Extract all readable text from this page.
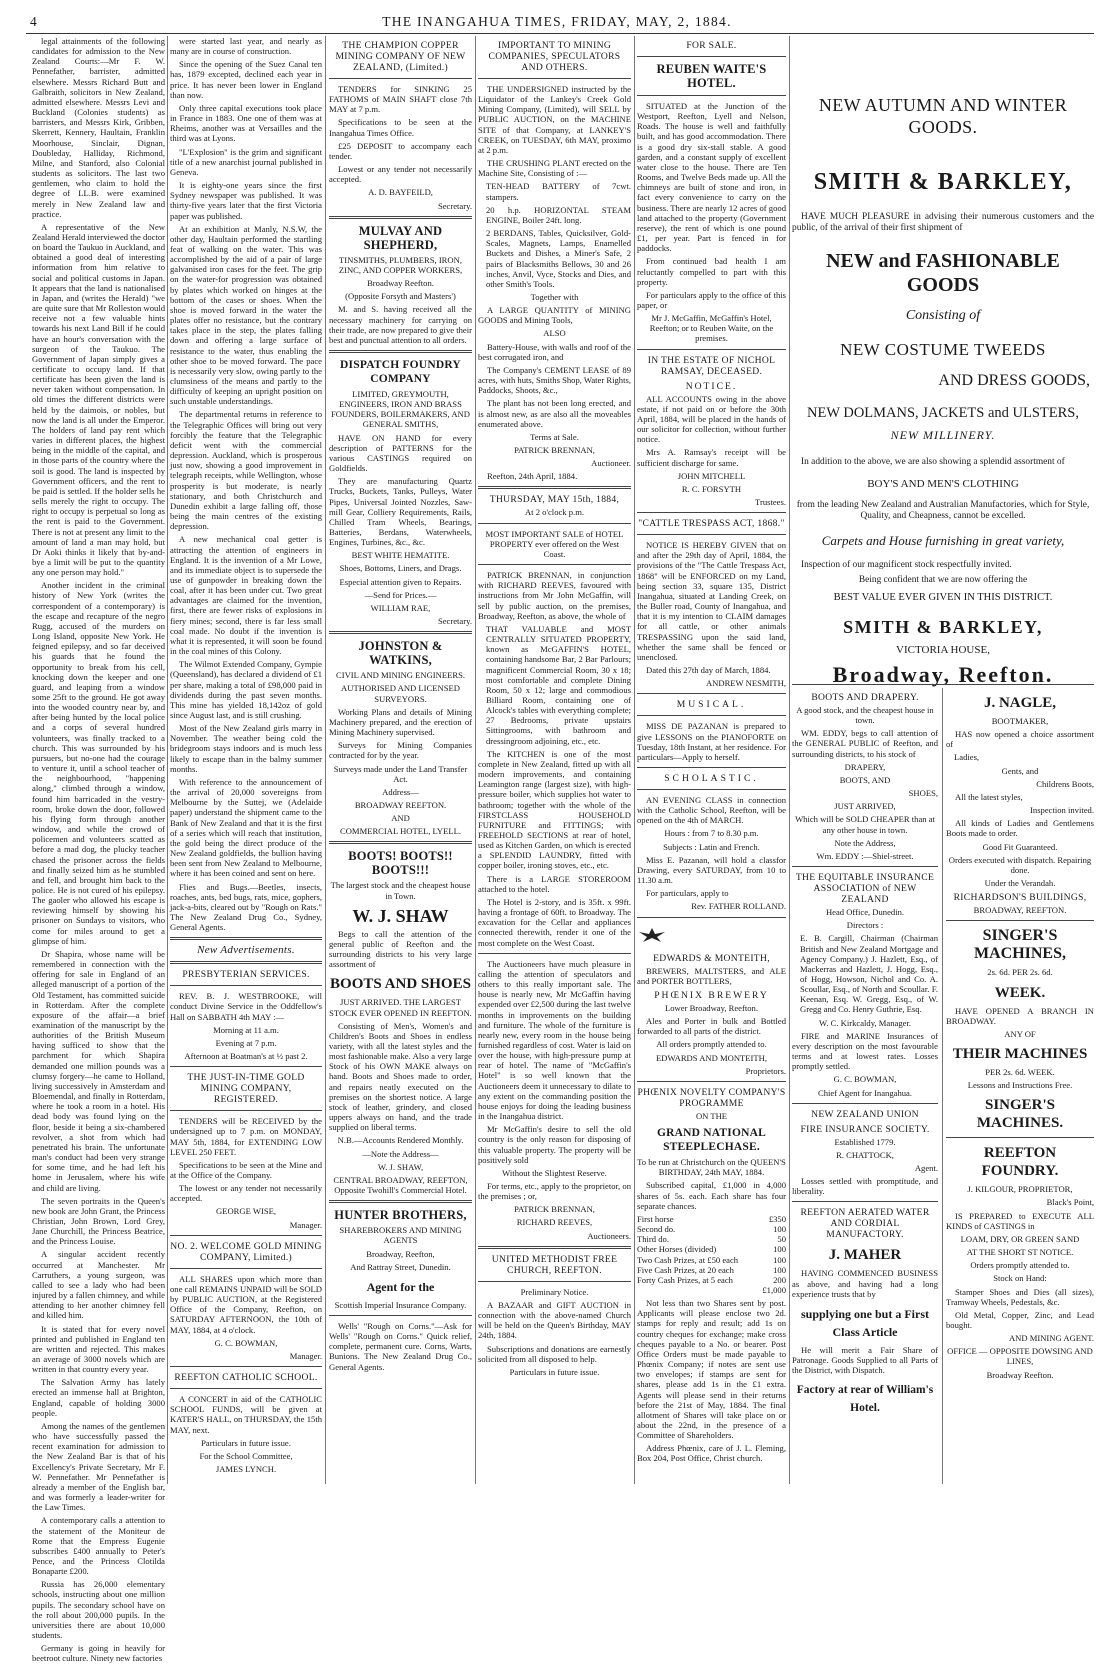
4	THE INANGAHUA TIMES, FRIDAY, MAY, 2, 1884.

legal attainments of the following candidates for admission to the New Zealand Courts:—Mr F. W. Pennefather, barrister, admitted elsewhere. Messrs Richard Butt and Galbraith, solicitors in New Zealand, admitted elsewhere. Messrs Levi and Buckland (Colonies students) as barristers, and Messrs Kirk, Gribben, Skerrett, Kennery, Haultain, Franklin Moorhouse, Sinclair, Dignan, Doubleday, Halliday, Richmond, Milne, and Stanford, also Colonial students as solicitors. The last two gentlemen, who claim to hold the degree of LL.B. were examined merely in New Zealand law and practice.

A representative of the New Zealand Herald interviewed the doctor on board the Taukuo in Auckland, and obtained a good deal of interesting information from him relative to social and political customs in Japan. It appears that the land is nationalised in Japan, and (writes the Herald) "we are quite sure that Mr Rolleston would receive not a few valuable hints towards his next Land Bill if he could have an hour's conversation with the surgeon of the Taukuo. The Government of Japan simply gives a certificate to occupy land. If that certificate has been given the land is never taken without compensation. In old times the different districts were held by the daimois, or nobles, but now the land is all under the Emperor. The holders of land pay rent which varies in different places, the highest being in the middle of the capital, and in those parts of the country where the soil is good. The land is inspected by Government officers, and the rent to be paid is settled. If the holder sells he sells merely the right to occupy. The right to occupy is perpetual so long as the rent is paid to the Government. There is not at present any limit to the amount of land a man may hold, but Dr Aoki thinks it likely that by-and-bye a limit will be put to the quantity any one person may hold."

Another incident in the criminal history of New York (writes the correspondent of a contemporary) is the escape and recapture of the negro Rugg, accused of the murders on Long Island, opposite New York. He feigned epilepsy, and so far deceived his guards that he found the opportunity to break from his cell, knocking down the keeper and one guard, and leaping from a window some 25ft to the ground. He got away into the wooded country near by, and after being hunted by the local police and a corps of several hundred volunteers, was finally tracked to a church. This was surrounded by his pursuers, but no-one had the courage to venture it, until a school teacher of the neighbourhood, "happening along," climbed through a window, found him barricaded in the vestry-room, broke down the door, followed his flying form through another window, and while the crowd of policemen and volunteers scatted as before a mad dog, the plucky teacher chased the prisoner across the fields and finally seized him as he stumbled and fell, and brought him back to the police. He is not cured of his epilepsy. The gaoler who allowed his escape is reviewing himself by showing his prisoner on Sundays to visitors, who come for miles around to get a glimpse of him.

Dr Shapira, whose name will be remembered in connection with the offering for sale in England of an alleged manuscript of a portion of the Old Testament, has committed suicide in Rotterdam. After the complete exposure of the affair—a brief examination of the manuscript by the authorities of the British Museum having sufficed to show that the parchment for which Shapira demanded one million pounds was a clumsy forgery—he came to Holland, living successively in Amsterdam and Bloemendal, and finally in Rotterdam, where he took a room in a hotel. His dead body was found lying on the floor, beside it being a six-chambered revolver, a shot from which had penetrated his brain. The unfortunate man's conduct had been very strange for some time, and he had left his home in Jerusalem, where his wife and child are living.

The seven portraits in the Queen's new book are John Grant, the Princess Christian, John Brown, Lord Grey, Jane Churchill, the Princess Beatrice, and the Princess Louise.

A singular accident recently occurred at Manchester. Mr Carruthers, a young surgeon, was called to see a lady who had been injured by a fallen chimney, and while attending to her another chimney fell and killed him.

It is stated that for every novel printed and published in England ten are written and rejected. This makes an average of 3000 novels which are written in that country every year.

The Salvation Army has lately erected an immense hall at Brighton, England, capable of holding 3000 people.

Among the names of the gentlemen who have successfully passed the recent examination for admission to the New Zealand Bar is that of his Excellency's Private Secretary, Mr F. W. Pennefather. Mr Pennefather is already a member of the English bar, and was formerly a leader-writer for the Law Times.

A contemporary calls a attention to the statement of the Moniteur de Rome that the Empress Eugenie subscribes £400 annually to Peter's Pence, and the Princess Clotilda Bonaparte £200.

Russia has 26,000 elementary schools, instructing about one million pupils. The secondary school have on the roll about 200,000 pupils. In the universities there are about 10,000 students.

Germany is going in heavily for beetroot culture. Ninety new factories

were started last year, and nearly as many are in course of construction.

Since the opening of the Suez Canal ten has, 1879 excepted, declined each year in price. It has never been lower in England than now.

Only three capital executions took place in France in 1883. One one of them was at Rheims, another was at Versailles and the third was at Lyons.

"L'Explosion" is the grim and significant title of a new anarchist journal published in Geneva.

It is eighty-one years since the first Sydney newspaper was published. It was thirty-five years later that the first Victoria paper was published.

At an exhibition at Manly, N.S.W, the other day, Haultain performed the startling feat of walking on the water. This was accomplished by the aid of a pair of large galvanised iron cases for the feet. The grip on the water-for progression was obtained by plates which worked on hinges at the bottom of the cases or shoes. When the shoe is moved forward in the water the plates offer no resistance, but the contrary takes place in the step, the plates falling down and offering a large surface of resistance to the water, thus enabling the other shoe to be moved forward. The pace is necessarily very slow, owing partly to the clumsiness of the means and partly to the difficulty of keeping an upright position on such unstable understandings.

The departmental returns in reference to the Telegraphic Offices will bring out very forcibly the feature that the Telegraphic deficit went with the commercial depression. Auckland, which is prosperous just now, showing a good improvement in telegraph receipts, while Wellington, whose prosperity is but moderate, is nearly stationary, and both Christchurch and Dunedin exhibit a large falling off, those being the main centres of the existing depression.

A new mechanical coal getter is attracting the attention of engineers in England. It is the invention of a Mr Lowe, and its immediate object is to supersede the use of gunpowder in breaking down the coal, after it has been under cut. Two great advantages are claimed for the invention, first, there are fewer risks of explosions in fiery mines; second, there is far less small coal made. No doubt if the invention is what it is represented, it will soon be found in the coal mines of this Colony.

The Wilmot Extended Company, Gympie (Queensland), has declared a dividend of £1 per share, making a total of £98,000 paid in dividends during the past seven months. This mine has yielded 18,142oz of gold since August last, and is still crushing.

Most of the New Zealand girls marry in November. The weather being cold the bridegroom stays indoors and is much less likely to escape than in the balmy summer months.

With reference to the announcement of the arrival of 20,000 sovereigns from Melbourne by the Suttej, we (Adelaide paper) understand the shipment came to the Bank of New Zealand and that it is the first of a series which will reach that institution, the gold being the direct produce of the New Zealand goldfields, the bullion having been sent from New Zealand to Melbourne, where it has been coined and sent on here.

Flies and Bugs.—Beetles, insects, roaches, ants, bed bugs, rats, mice, gophers, jack-a-bits, cleared out by "Rough on Rats." The New Zealand Drug Co., Sydney, General Agents.

New Advertisements.
PRESBYTERIAN SERVICES.

REV. B. J. WESTBROOKE, will conduct Divine Service in the Oddfellow's Hall on SABBATH 4th MAY :—

Morning at 11 a.m.

Evening at 7 p.m.

Afternoon at Boatman's at ½ past 2.

THE JUST-IN-TIME GOLD MINING COMPANY, REGISTERED.

TENDERS will be RECEIVED by the undersigned up to 7 p.m. on MONDAY, MAY 5th, 1884, for EXTENDING LOW LEVEL 250 FEET.

Specifications to be seen at the Mine and at the Office of the Company.

The lowest or any tender not necessarily accepted.

GEORGE WISE,

Manager.

NO. 2. WELCOME GOLD MINING COMPANY, Limited.)

ALL SHARES upon which more than one call REMAINS UNPAID will be SOLD by PUBLIC AUCTION, at the Registered Office of the Company, Reefton, on SATURDAY AFTERNOON, the 10th of MAY, 1884, at 4 o'clock.

G. C. BOWMAN,

Manager.

REEFTON CATHOLIC SCHOOL.

A CONCERT in aid of the CATHOLIC SCHOOL FUNDS, will be given at KATER'S HALL, on THURSDAY, the 15th MAY, next.

Particulars in future issue.

For the School Committee,

JAMES LYNCH.

THE CHAMPION COPPER MINING COMPANY OF NEW ZEALAND, (Limited.)

TENDERS for SINKING 25 FATHOMS of MAIN SHAFT close 7th MAY at 7 p.m.

Specifications to be seen at the Inangahua Times Office.

£25 DEPOSIT to accompany each tender.

Lowest or any tender not necessarily accepted.

A. D. BAYFEILD,

Secretary.

MULVAY AND SHEPHERD,

TINSMITHS, PLUMBERS, IRON, ZINC, AND COPPER WORKERS,

Broadway Reefton.

(Opposite Forsyth and Masters')

M. and S. having received all the necessary machinery for carrying on their trade, are now prepared to give their best and punctual attention to all orders.

DISPATCH FOUNDRY COMPANY

LIMITED, GREYMOUTH, ENGINEERS, IRON AND BRASS FOUNDERS, BOILERMAKERS, AND GENERAL SMITHS,

HAVE ON HAND for every description of PATTERNS for the various CASTINGS required on Goldfields.

They are manufacturing Quartz Trucks, Buckets, Tanks, Pulleys, Water Pipes, Universal Jointed Nozzles, Saw-mill Gear, Colliery Requirements, Rails, Chilled Tram Wheels, Bearings, Batteries, Berdans, Waterwheels, Engines, Turbines, &c., &c.

BEST WHITE HEMATITE.

Shoes, Bottoms, Liners, and Drags.

Especial attention given to Repairs.

—Send for Prices.—

WILLIAM RAE,

Secretary.

JOHNSTON & WATKINS,

CIVIL AND MINING ENGINEERS.

AUTHORISED AND LICENSED SURVEYORS.

Working Plans and details of Mining Machinery prepared, and the erection of Mining Machinery supervised.

Surveys for Mining Companies contracted for by the year.

Surveys made under the Land Transfer Act.

Address—

BROADWAY REEFTON.

AND

COMMERCIAL HOTEL, LYELL.

BOOTS! BOOTS!! BOOTS!!!

The largest stock and the cheapest house in Town.

W. J. SHAW

Begs to call the attention of the general public of Reefton and the surrounding districts to his very large assortment of

BOOTS AND SHOES

JUST ARRIVED. THE LARGEST STOCK EVER OPENED IN REEFTON.

Consisting of Men's, Women's and Children's Boots and Shoes in endless variety, with all the latest styles and the most fashionable make. Also a very large Stock of his OWN MAKE always on hand. Boots and Shoes made to order, and repairs neatly executed on the premises on the shortest notice. A large stock of leather, grindery, and closed uppers always on hand, and the trade supplied on liberal terms.

N.B.—Accounts Rendered Monthly.

—Note the Address—

W. J. SHAW,

CENTRAL BROADWAY, REEFTON, Opposite Twohill's Commercial Hotel.

HUNTER BROTHERS,

SHAREBROKERS AND MINING AGENTS

Broadway, Reefton,

And Rattray Street, Dunedin.

Agent for the

Scottish Imperial Insurance Company.

Wells' "Rough on Corns."—Ask for Wells' "Rough on Corns." Quick relief, complete, permanent cure. Corns, Warts, Bunions. The New Zealand Drug Co., General Agents.

IMPORTANT TO MINING COMPANIES, SPECULATORS AND OTHERS.

THE UNDERSIGNED instructed by the Liquidator of the Lankey's Creek Gold Mining Company, (Limited), will SELL by PUBLIC AUCTION, on the MACHINE SITE of that Company, at LANKEY'S CREEK, on TUESDAY, 6th MAY, proximo at 2 p.m.

THE CRUSHING PLANT erected on the Machine Site, Consisting of :—

TEN-HEAD BATTERY of 7cwt. stampers.

20 h.p. HORIZONTAL STEAM ENGINE, Boiler 24ft. long.

2 BERDANS, Tables, Quicksilver, Gold-Scales, Magnets, Lamps, Enamelled Buckets and Dishes, a Miner's Safe, 2 pairs of Blacksmiths Bellows, 30 and 26 inches, Anvil, Vyce, Stocks and Dies, and other Smith's Tools.

Together with

A LARGE QUANTITY of MINING GOODS and Mining Tools,

ALSO

Battery-House, with walls and roof of the best corrugated iron, and

The Company's CEMENT LEASE of 89 acres, with huts, Smiths Shop, Water Rights, Paddocks, Shoots, &c.,

The plant has not been long erected, and is almost new, as are also all the moveables enumerated above.

Terms at Sale.

PATRICK BRENNAN,

Auctioneer.

Reefton, 24th April, 1884.

THURSDAY, MAY 15th, 1884,

At 2 o'clock p.m.

MOST IMPORTANT SALE of HOTEL PROPERTY ever offered on the West Coast.

PATRICK BRENNAN, in conjunction with RICHARD REEVES, favoured with instructions from Mr John McGaffin, will sell by public auction, on the premises, Broadway, Reefton, as above, the whole of

THAT VALUABLE and MOST CENTRALLY SITUATED PROPERTY, known as McGAFFIN'S HOTEL, containing handsome Bar, 2 Bar Parlours; magnificent Commercial Room, 30 x 18; most comfortable and complete Dining Room, 50 x 12; large and commodious Billiard Room, containing one of Alcock's tables with everything complete; 27 Bedrooms, private upstairs Sittingrooms, with bathroom and dressingroom adjoining, etc., etc.

The KITCHEN is one of the most complete in New Zealand, fitted up with all modern improvements, and containing Leamington range (largest size), with high-pressure boiler, which supplies hot water to bathroom; together with the whole of the FIRSTCLASS HOUSEHOLD FURNITURE and FITTINGS; with FREEHOLD SECTIONS at rear of hotel, used as Kitchen Garden, on which is erected a SPLENDID LAUNDRY, fitted with copper boiler, ironing stoves, etc., etc.

There is a LARGE STOREROOM attached to the hotel.

The Hotel is 2-story, and is 35ft. x 99ft. having a frontage of 60ft. to Broadway. The excavation for the Cellar and appliances connected therewith, render it one of the most complete on the West Coast.

The Auctioneers have much pleasure in calling the attention of speculators and others to this really important sale. The house is nearly new, Mr McGaffin having expended over £2,500 during the last twelve months in improvements on the building and furniture. The whole of the furniture is nearly new, every room in the house being furnished regardless of cost. Water is laid on over the house, with high-pressure pump at rear of hotel. The name of "McGaffin's Hotel" is so well known that the Auctioneers deem it unnecessary to dilate to any extent on the commanding position the house enjoys for doing the leading business in the Inangahua district.

Mr McGaffin's desire to sell the old country is the only reason for disposing of this valuable property. The property will be positively sold

Without the Slightest Reserve.

For terms, etc., apply to the proprietor, on the premises ; or,

PATRICK BRENNAN,

RICHARD REEVES,

Auctioneers.

UNITED METHODIST FREE CHURCH, REEFTON.

Preliminary Notice.

A BAZAAR and GIFT AUCTION in connection with the above-named Church will be held on the Queen's Birthday, MAY 24th, 1884.

Subscriptions and donations are earnestly solicited from all disposed to help.

Particulars in future issue.

FOR SALE.
REUBEN WAITE'S HOTEL.

SITUATED at the Junction of the Westport, Reefton, Lyell and Nelson, Roads. The house is well and faithfully built, and has good accommodation. There is a good dry six-stall stable. A good garden, and a constant supply of excellent water close to the house. There are Ten Rooms, and Twelve Beds made up. All the chimneys are built of stone and iron, in fact every convenience to carry on the business. There are nearly 12 acres of good land attached to the property (Government reserve), the rent of which is one pound £1, per year. Part is fenced in for paddocks.

From continued bad health I am reluctantly compelled to part with this property.

For particulars apply to the office of this paper, or

Mr J. McGaffin, McGaffin's Hotel, Reefton; or to Reuben Waite, on the premises.

IN THE ESTATE OF NICHOL RAMSAY, DECEASED.
NOTICE.

ALL ACCOUNTS owing in the above estate, if not paid on or before the 30th April, 1884, will be placed in the hands of our solicitor for collection, without further notice.

Mrs A. Ramsay's receipt will be sufficient discharge for same.

JOHN MITCHELL

R. C. FORSYTH

Trustees.

"CATTLE TRESPASS ACT, 1868."

NOTICE IS HEREBY GIVEN that on and after the 29th day of April, 1884, the provisions of the "The Cattle Trespass Act, 1868" will be ENFORCED on my Land, being section 33, square 135, District Inangahua, situated at Landing Creek, on the Buller road, County of Inangahua, and that it is my intention to CLAIM damages for all cattle, or other animals TRESPASSING upon the said land, whether the same shall be fenced or unenclosed.

Dated this 27th day of March, 1884.

ANDREW NESMITH,

MUSICAL.

MISS DE PAZANAN is prepared to give LESSONS on the PIANOFORTE on Tuesday, 18th Instant, at her residence. For particulars—Apply to herself.

SCHOLASTIC.

AN EVENING CLASS in connection with the Catholic School, Reefton, will be opened on the 4th of MARCH.

Hours : from 7 to 8.30 p.m.

Subjects : Latin and French.

Miss E. Pazanan, will hold a classfor Drawing, every SATURDAY, from 10 to 11.30 a.m.

For particulars, apply to

Rev. FATHER ROLLAND.

EDWARDS & MONTEITH,

BREWERS, MALTSTERS, and ALE and PORTER BOTTLERS,

PHŒNIX BREWERY

Lower Broadway, Reefton.

Ales and Porter in bulk and Bottled forwarded to all parts of the district.

All orders promptly attended to.

EDWARDS AND MONTEITH,

Proprietors.

PHŒNIX NOVELTY COMPANY'S PROGRAMME

ON THE

GRAND NATIONAL STEEPLECHASE.

To be run at Christchurch on the QUEEN'S BIRTHDAY, 24th MAY, 1884.

Subscribed capital, £1,000 in 4,000 shares of 5s. each. Each share has four separate chances.

First horse	£350
Second do.	100
Third do.	50
Other Horses (divided)	100
Two Cash Prizes, at £50 each	100
Five Cash Prizes, at 20 each	100
Forty Cash Prizes, at 5 each	200

£1,000

Not less than two Shares sent by post. Applicants will please enclose two 2d. stamps for reply and result; add 1s on country cheques for exchange; make cross cheques payable to a No. or bearer. Post Office Orders must be made payable to Phœnix Company; if notes are sent use two envelopes; if stamps are sent for shares, please add 1s in the £1 extra. Agents will please send in their returns before the 21st of May, 1884. The final allotment of Shares will take place on or about the 22nd, in the presence of a Committee of Shareholders.

Address Phœnix, care of J. L. Fleming, Box 204, Post Office, Christ church.

NEW AUTUMN AND WINTER GOODS.
SMITH & BARKLEY,

HAVE MUCH PLEASURE in advising their numerous customers and the public, of the arrival of their first shipment of

NEW and FASHIONABLE GOODS
Consisting of
NEW COSTUME TWEEDS
AND DRESS GOODS,
NEW DOLMANS, JACKETS and ULSTERS,
NEW MILLINERY.

In addition to the above, we are also showing a splendid assortment of

BOY'S AND MEN'S CLOTHING

from the leading New Zealand and Australian Manufactories, which for Style, Quality, and Cheapness, cannot be excelled.

Carpets and House furnishing in great variety,

Inspection of our magnificent stock respectfully invited.

Being confident that we are now offering the

BEST VALUE EVER GIVEN IN THIS DISTRICT.
SMITH & BARKLEY,
VICTORIA HOUSE,
Broadway, Reefton.
BOOTS AND DRAPERY.

A good stock, and the cheapest house in town.

WM. EDDY, begs to call attention of the GENERAL PUBLIC of Reefton, and surrounding districts, to his stock of

DRAPERY,

BOOTS, AND

SHOES,

JUST ARRIVED,

Which will be SOLD CHEAPER than at any other house in town.

Note the Address,

Wm. EDDY :—Shiel-street.

THE EQUITABLE INSURANCE ASSOCIATION of NEW ZEALAND

Head Office, Dunedin.

Directors :

E. B. Cargill, Chairman (Chairman British and New Zealand Mortgage and Agency Company.) J. Hazlett, Esq., of Mackerras and Hazlett, J. Hogg, Esq., of Hogg, Howson, Nichol and Co. A. Scoullar, Esq., of North and Scoullar. F. Keenan, Esq. W. Gregg, Esq., of W. Gregg and Co. Henry Guthrie, Esq.

W. C. Kirkcaldy, Manager.

FIRE and MARINE Insurances of every description on the most favourable terms and at lowest rates. Losses promptly settled.

G. C. BOWMAN,

Chief Agent for Inangahua.

NEW ZEALAND UNION
FIRE INSURANCE SOCIETY.

Established 1779.

R. CHATTOCK,

Agent.

Losses settled with promptitude, and liberality.

REEFTON AERATED WATER AND CORDIAL MANUFACTORY.
J. MAHER

HAVING COMMENCED BUSINESS as above, and having had a long experience trusts that by

supplying one but a First Class Article

He will merit a Fair Share of Patronage. Goods Supplied to all Parts of the District, with Dispatch.

Factory at rear of William's Hotel.
J. NAGLE,

BOOTMAKER,

HAS now opened a choice assortment of

Ladies,

Gents, and

Childrens Boots,

All the latest styles,

Inspection invited.

All kinds of Ladies and Gentlemens Boots made to order.

Good Fit Guaranteed.

Orders executed with dispatch. Repairing done.

Under the Verandah.

RICHARDSON'S BUILDINGS,

BROADWAY, REEFTON.

SINGER'S MACHINES,

2s. 6d. PER 2s. 6d.

WEEK.

HAVE OPENED A BRANCH IN BROADWAY.

ANY OF

THEIR MACHINES

PER 2s. 6d. WEEK.

Lessons and Instructions Free.

SINGER'S MACHINES.
REEFTON FOUNDRY.

J. KILGOUR, PROPRIETOR,

Black's Point,

IS PREPARED to EXECUTE ALL KINDS of CASTINGS in

LOAM, DRY, OR GREEN SAND

AT THE SHORT ST NOTICE.

Orders promptly attended to.

Stock on Hand:

Stamper Shoes and Dies (all sizes), Tramway Wheels, Pedestals, &c.

Old Metal, Copper, Zinc, and Lead bought.

AND MINING AGENT.

OFFICE — OPPOSITE DOWSING AND LINES,

Broadway Reefton.
